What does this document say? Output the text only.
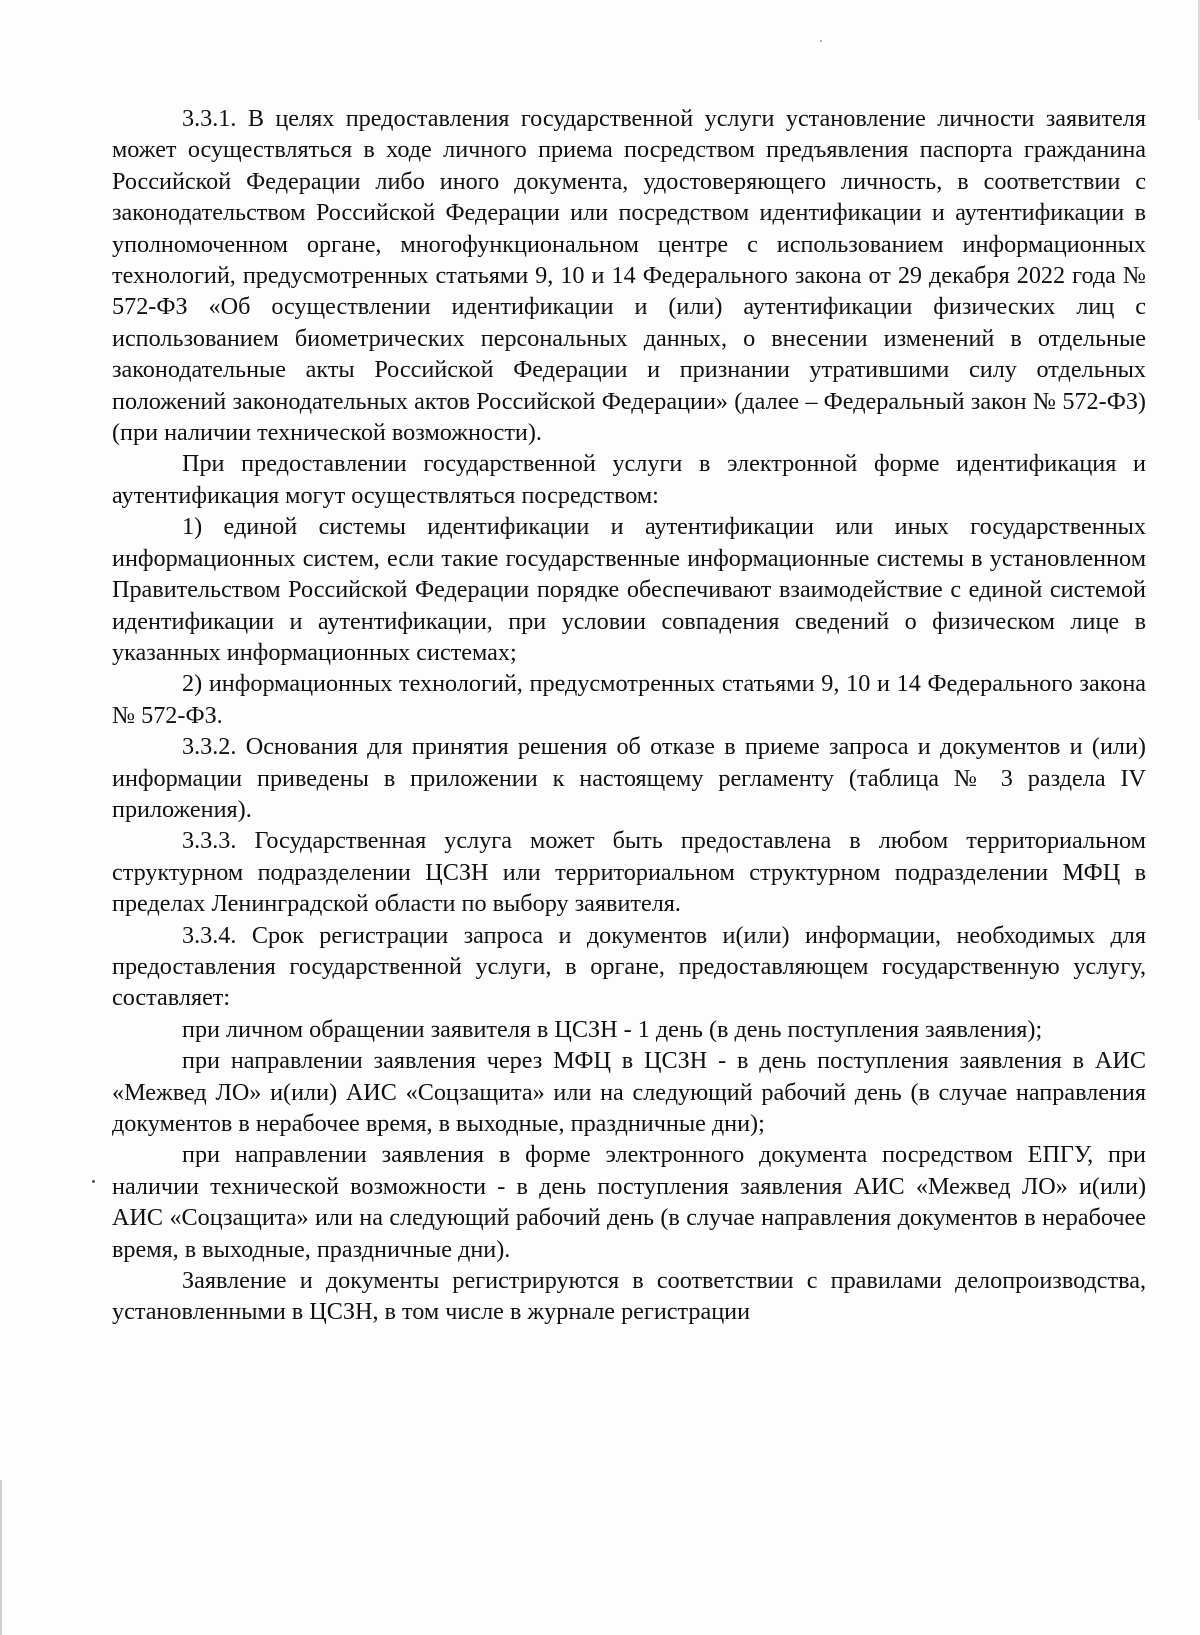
3.3.1. В целях предоставления государственной услуги установление личности заявителя может осуществляться в ходе личного приема посредством предъявления паспорта гражданина Российской Федерации либо иного документа, удостоверяющего личность, в соответствии с законодательством Российской Федерации или посредством идентификации и аутентификации в уполномоченном органе, многофункциональном центре с использованием информационных технологий, предусмотренных статьями 9, 10 и 14 Федерального закона от 29 декабря 2022 года № 572-ФЗ «Об осуществлении идентификации и (или) аутентификации физических лиц с использованием биометрических персональных данных, о внесении изменений в отдельные законодательные акты Российской Федерации и признании утратившими силу отдельных положений законодательных актов Российской Федерации» (далее – Федеральный закон № 572-ФЗ) (при наличии технической возможности).

При предоставлении государственной услуги в электронной форме идентификация и аутентификация могут осуществляться посредством:

1) единой системы идентификации и аутентификации или иных государственных информационных систем, если такие государственные информационные системы в установленном Правительством Российской Федерации порядке обеспечивают взаимодействие с единой системой идентификации и аутентификации, при условии совпадения сведений о физическом лице в указанных информационных системах;

2) информационных технологий, предусмотренных статьями 9, 10 и 14 Федерального закона № 572-ФЗ.

3.3.2. Основания для принятия решения об отказе в приеме запроса и документов и (или) информации приведены в приложении к настоящему регламенту (таблица № 3 раздела IV приложения).

3.3.3. Государственная услуга может быть предоставлена в любом территориальном структурном подразделении ЦСЗН или территориальном структурном подразделении МФЦ в пределах Ленинградской области по выбору заявителя.

3.3.4. Срок регистрации запроса и документов и(или) информации, необходимых для предоставления государственной услуги, в органе, предоставляющем государственную услугу, составляет:

при личном обращении заявителя в ЦСЗН - 1 день (в день поступления заявления);

при направлении заявления через МФЦ в ЦСЗН - в день поступления заявления в АИС «Межвед ЛО» и(или) АИС «Соцзащита» или на следующий рабочий день (в случае направления документов в нерабочее время, в выходные, праздничные дни);

при направлении заявления в форме электронного документа посредством ЕПГУ, при наличии технической возможности - в день поступления заявления АИС «Межвед ЛО» и(или) АИС «Соцзащита» или на следующий рабочий день (в случае направления документов в нерабочее время, в выходные, праздничные дни).

Заявление и документы регистрируются в соответствии с правилами делопроизводства, установленными в ЦСЗН, в том числе в журнале регистрации
